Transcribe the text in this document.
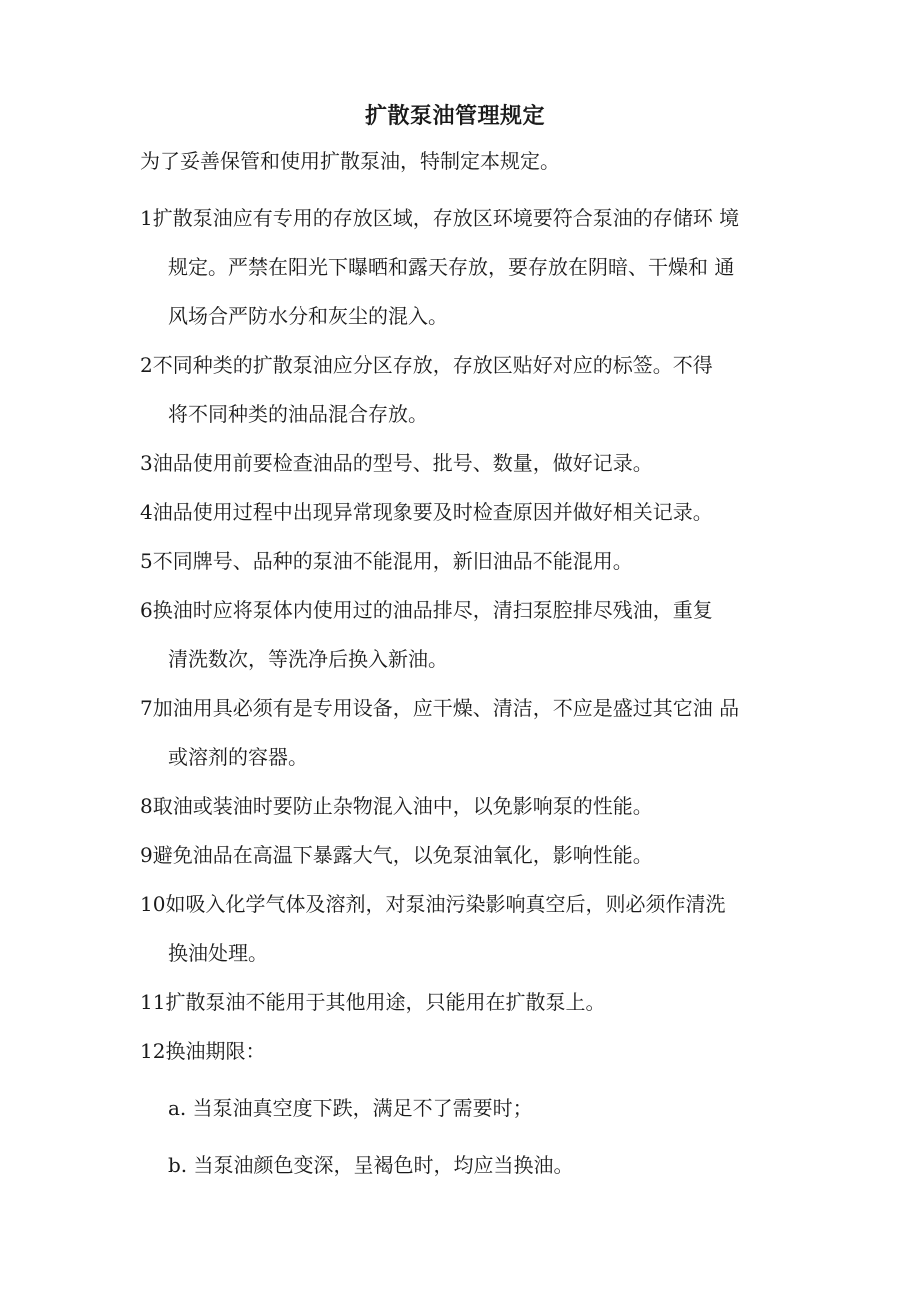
扩散泵油管理规定
为了妥善保管和使用扩散泵油，特制定本规定。
1扩散泵油应有专用的存放区域，存放区环境要符合泵油的存储环 境
规定。严禁在阳光下曝晒和露天存放，要存放在阴暗、干燥和 通
风场合严防水分和灰尘的混入。
2不同种类的扩散泵油应分区存放，存放区贴好对应的标签。不得
将不同种类的油品混合存放。
3油品使用前要检查油品的型号、批号、数量，做好记录。
4油品使用过程中出现异常现象要及时检查原因并做好相关记录。
5不同牌号、品种的泵油不能混用，新旧油品不能混用。
6换油时应将泵体内使用过的油品排尽，清扫泵腔排尽残油，重复
清洗数次，等洗净后换入新油。
7加油用具必须有是专用设备，应干燥、清洁，不应是盛过其它油 品
或溶剂的容器。
8取油或装油时要防止杂物混入油中，以免影响泵的性能。
9避免油品在高温下暴露大气，以免泵油氧化，影响性能。
10如吸入化学气体及溶剂，对泵油污染影响真空后，则必须作清洗
换油处理。
11扩散泵油不能用于其他用途，只能用在扩散泵上。
12换油期限：
a. 当泵油真空度下跌，满足不了需要时；
b. 当泵油颜色变深，呈褐色时，均应当换油。
